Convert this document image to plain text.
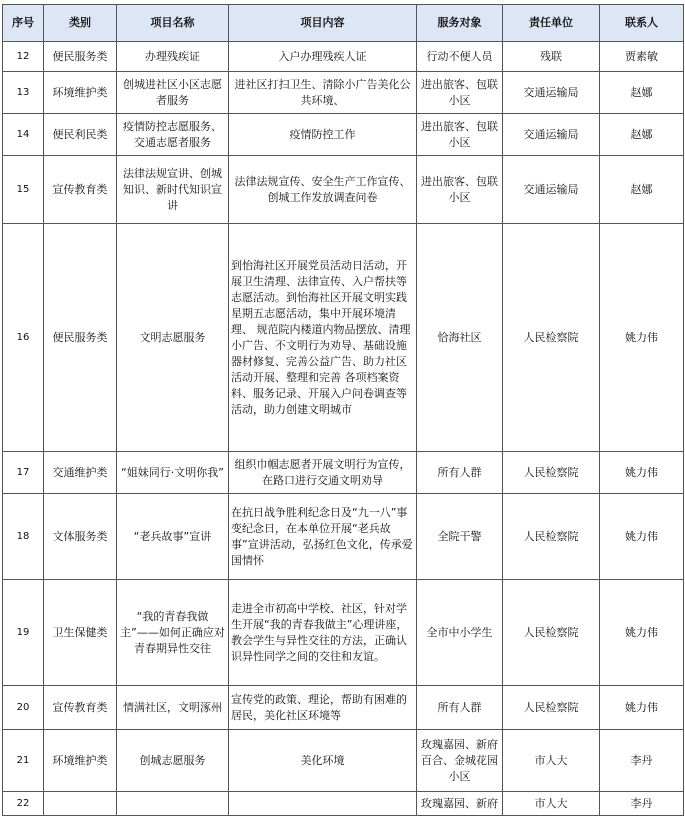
序号	类别	项目名称	项目内容	服务对象	责任单位	联系人
12	便民服务类	办理残疾证	入户办理残疾人证	行动不便人员	残联	贾素敏
13	环境维护类	创城进社区小区志愿者服务	进社区打扫卫生、清除小广告美化公共环境、	进出旅客、包联小区	交通运输局	赵娜
14	便民利民类	疫情防控志愿服务、交通志愿者服务	疫情防控工作	进出旅客、包联小区	交通运输局	赵娜
15	宣传教育类	法律法规宣讲、创城知识、新时代知识宣讲	法律法规宣传、安全生产工作宣传、创城工作发放调查问卷	进出旅客、包联小区	交通运输局	赵娜
16	便民服务类	文明志愿服务	到怡海社区开展党员活动日活动，开展卫生清理、法律宣传、入户帮扶等志愿活动。到怡海社区开展文明实践星期五志愿活动，集中开展环境清理、 规范院内楼道内物品摆放、清理小广告、不文明行为劝导、基础设施器材修复、完善公益广告、助力社区活动开展、整理和完善 各项档案资料、服务记录、开展入户问卷调查等活动，助力创建文明城市	恰海社区	人民检察院	姚力伟
17	交通维护类	“姐妹同行·文明你我”	组织巾帼志愿者开展文明行为宣传，在路口进行交通文明劝导	所有人群	人民检察院	姚力伟
18	文体服务类	“老兵故事”宣讲	在抗日战争胜利纪念日及“九一八”事变纪念日，在本单位开展“老兵故事”宣讲活动，弘扬红色文化，传承爱国情怀	全院干警	人民检察院	姚力伟
19	卫生保健类	“我的青春我做主”——如何正确应对青春期异性交往	走进全市初高中学校、社区，针对学生开展“我的青春我做主”心理讲座，教会学生与异性交往的方法，正确认识异性同学之间的交往和友谊。	全市中小学生	人民检察院	姚力伟
20	宣传教育类	情满社区，文明涿州	宣传党的政策、理论，帮助有困难的居民，美化社区环境等	所有人群	人民检察院	姚力伟
21	环境维护类	创城志愿服务	美化环境	玫瑰嘉园、新府百合、金城花园小区	市人大	李丹
22				玫瑰嘉园、新府	市人大	李丹
